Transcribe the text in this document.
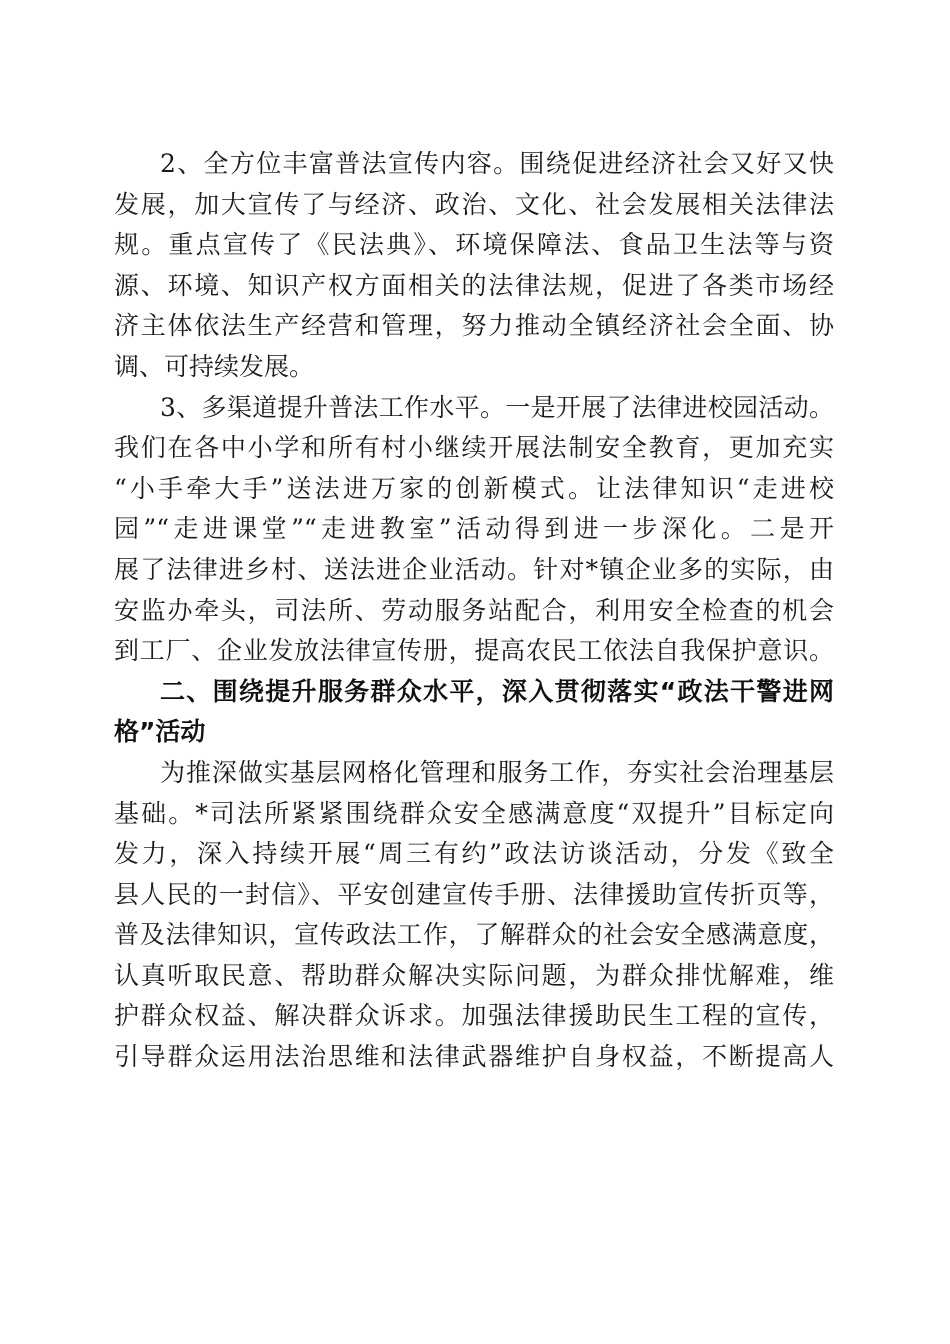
2、全方位丰富普法宣传内容。围绕促进经济社会又好又快
发展，加大宣传了与经济、政治、文化、社会发展相关法律法
规。重点宣传了《民法典》、环境保障法、食品卫生法等与资
源、环境、知识产权方面相关的法律法规，促进了各类市场经
济主体依法生产经营和管理，努力推动全镇经济社会全面、协
调、可持续发展。
3、多渠道提升普法工作水平。一是开展了法律进校园活动。
我们在各中小学和所有村小继续开展法制安全教育，更加充实
“小手牵大手”送法进万家的创新模式。让法律知识“走进校
园”“走进课堂”“走进教室”活动得到进一步深化。二是开
展了法律进乡村、送法进企业活动。针对*镇企业多的实际，由
安监办牵头，司法所、劳动服务站配合，利用安全检查的机会
到工厂、企业发放法律宣传册，提高农民工依法自我保护意识。
二、围绕提升服务群众水平，深入贯彻落实“政法干警进网
格”活动
为推深做实基层网格化管理和服务工作，夯实社会治理基层
基础。*司法所紧紧围绕群众安全感满意度“双提升”目标定向
发力，深入持续开展“周三有约”政法访谈活动，分发《致全
县人民的一封信》、平安创建宣传手册、法律援助宣传折页等，
普及法律知识，宣传政法工作，了解群众的社会安全感满意度，
认真听取民意、帮助群众解决实际问题，为群众排忧解难，维
护群众权益、解决群众诉求。加强法律援助民生工程的宣传，
引导群众运用法治思维和法律武器维护自身权益，不断提高人
